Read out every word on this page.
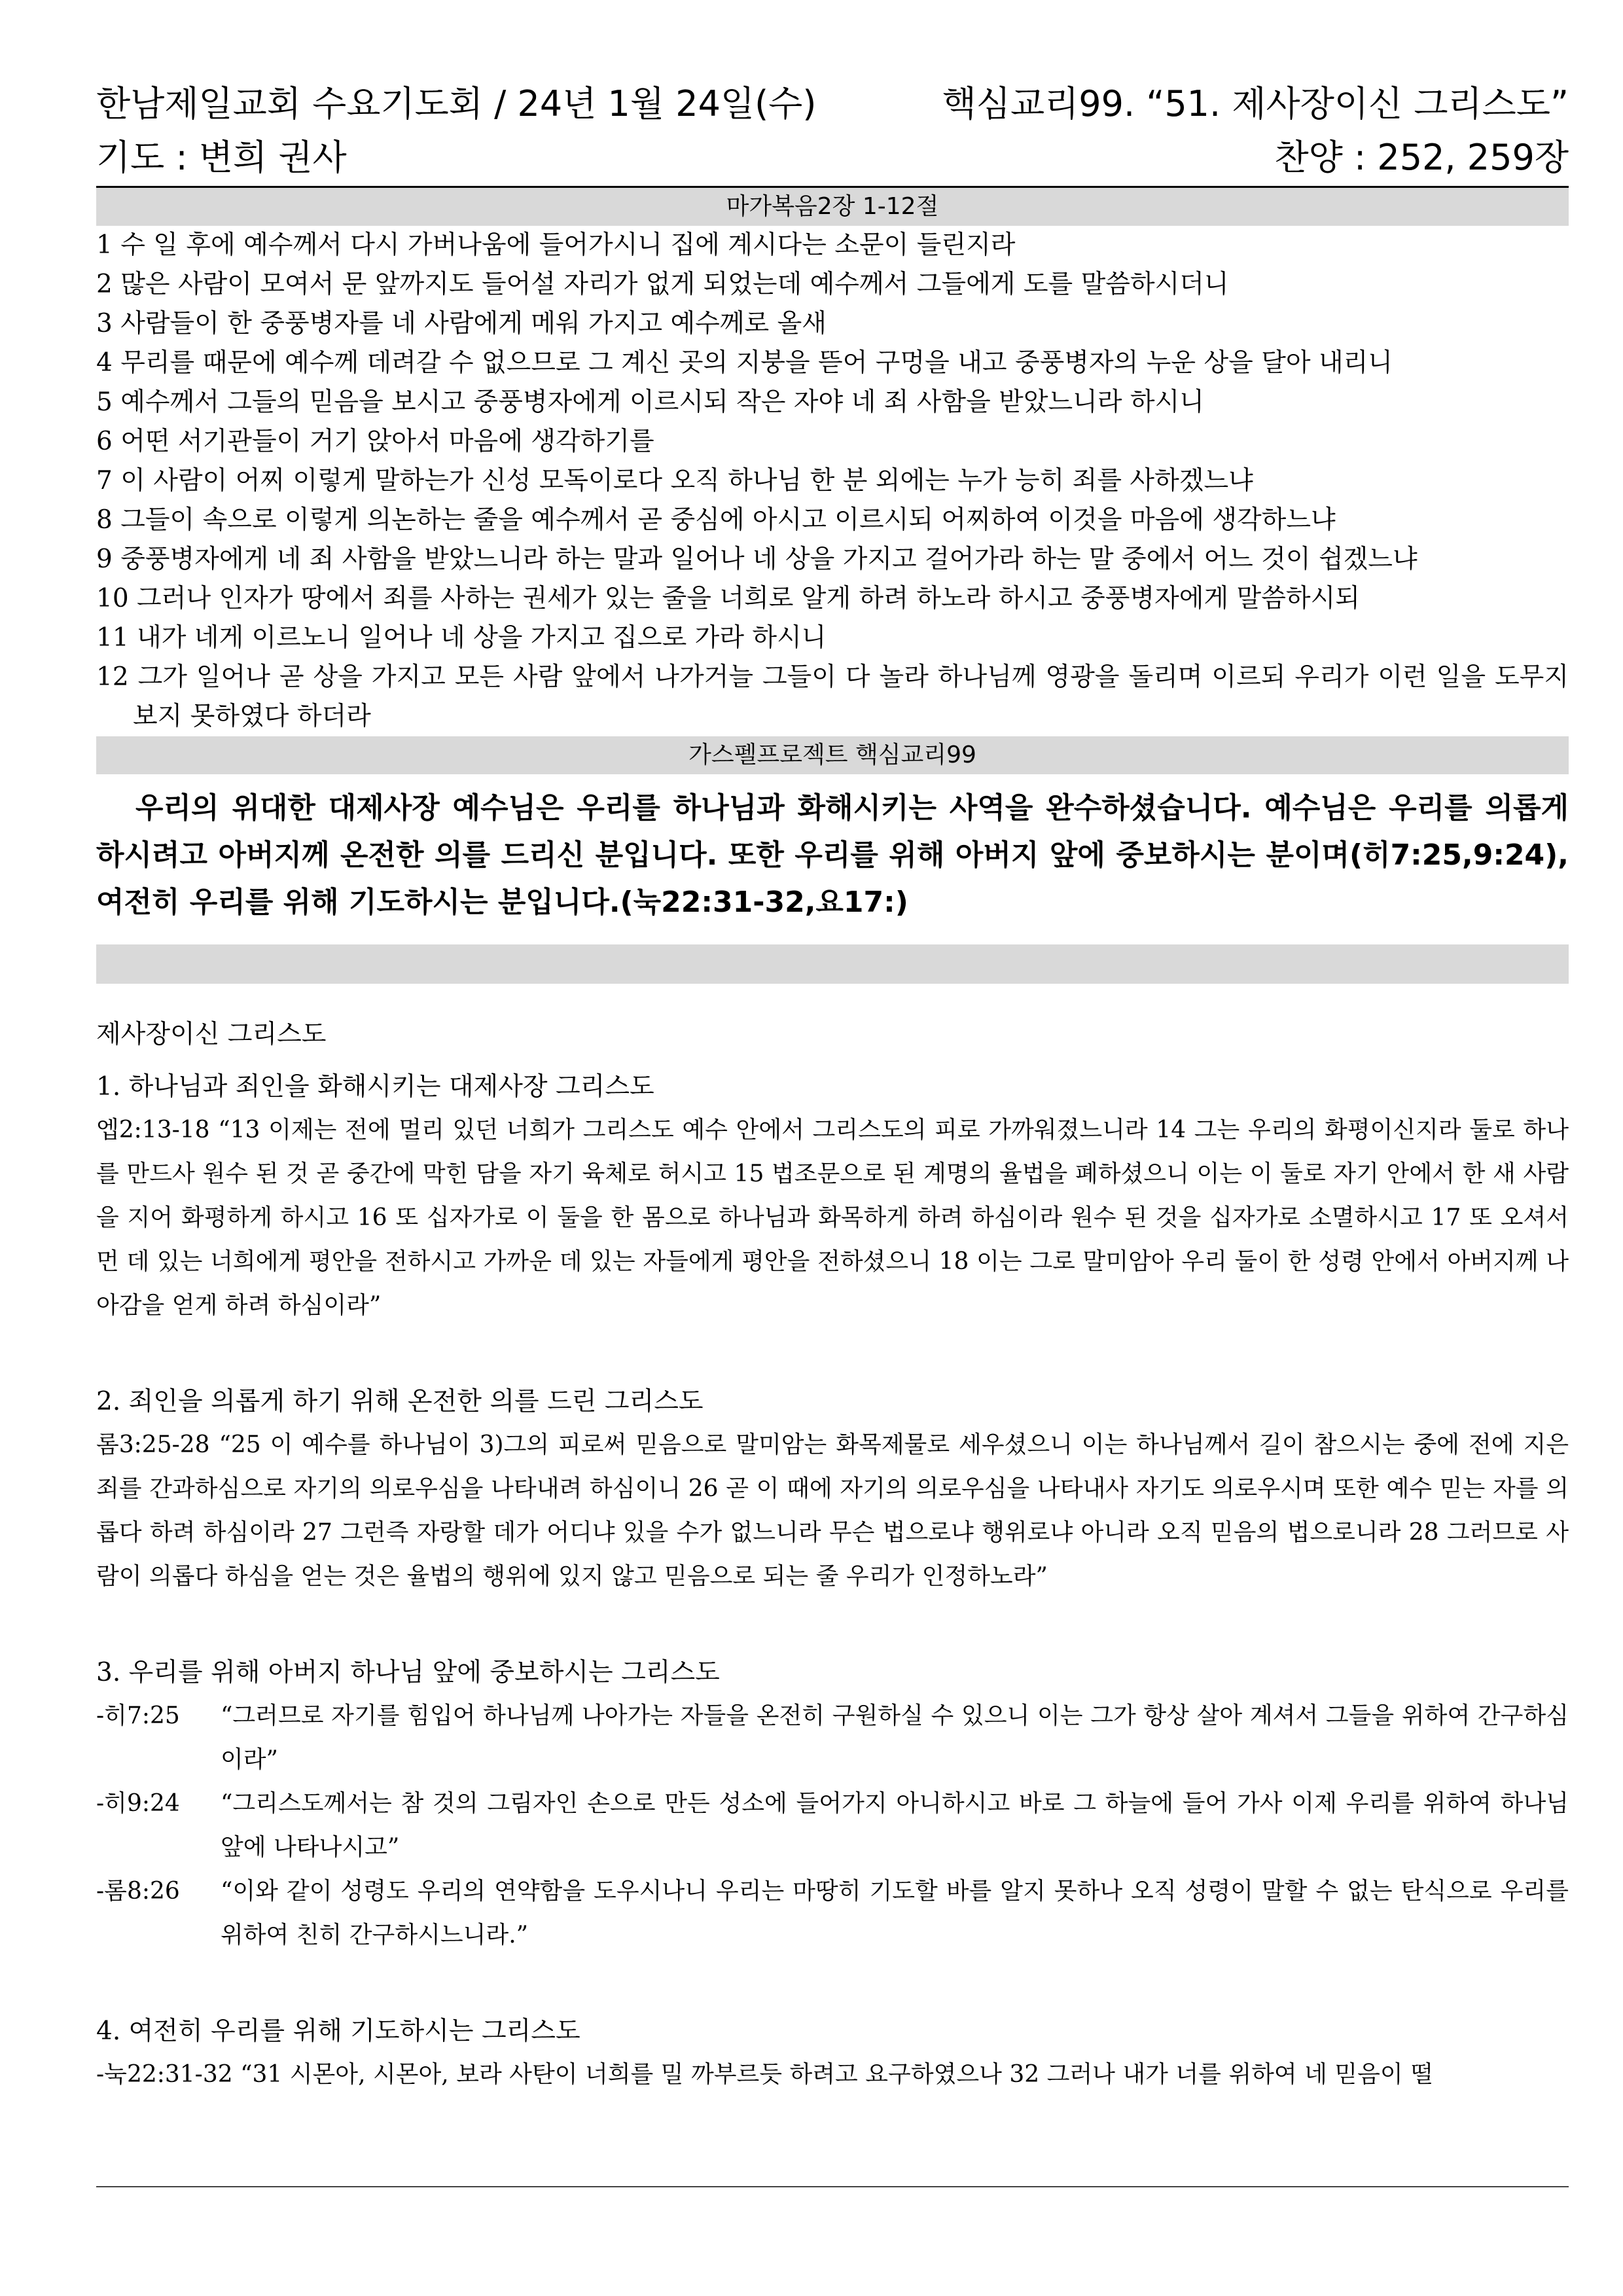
한남제일교회 수요기도회 / 24년 1월 24일(수)	핵심교리99. “51. 제사장이신 그리스도”
기도 : 변희 권사	찬양 : 252, 259장
마가복음2장 1-12절
1 수 일 후에 예수께서 다시 가버나움에 들어가시니 집에 계시다는 소문이 들린지라
2 많은 사람이 모여서 문 앞까지도 들어설 자리가 없게 되었는데 예수께서 그들에게 도를 말씀하시더니
3 사람들이 한 중풍병자를 네 사람에게 메워 가지고 예수께로 올새
4 무리를 때문에 예수께 데려갈 수 없으므로 그 계신 곳의 지붕을 뜯어 구멍을 내고 중풍병자의 누운 상을 달아 내리니
5 예수께서 그들의 믿음을 보시고 중풍병자에게 이르시되 작은 자야 네 죄 사함을 받았느니라 하시니
6 어떤 서기관들이 거기 앉아서 마음에 생각하기를
7 이 사람이 어찌 이렇게 말하는가 신성 모독이로다 오직 하나님 한 분 외에는 누가 능히 죄를 사하겠느냐
8 그들이 속으로 이렇게 의논하는 줄을 예수께서 곧 중심에 아시고 이르시되 어찌하여 이것을 마음에 생각하느냐
9 중풍병자에게 네 죄 사함을 받았느니라 하는 말과 일어나 네 상을 가지고 걸어가라 하는 말 중에서 어느 것이 쉽겠느냐
10 그러나 인자가 땅에서 죄를 사하는 권세가 있는 줄을 너희로 알게 하려 하노라 하시고 중풍병자에게 말씀하시되
11 내가 네게 이르노니 일어나 네 상을 가지고 집으로 가라 하시니
12 그가 일어나 곧 상을 가지고 모든 사람 앞에서 나가거늘 그들이 다 놀라 하나님께 영광을 돌리며 이르되 우리가 이런 일을 도무지 보지 못하였다 하더라
가스펠프로젝트 핵심교리99
우리의 위대한 대제사장 예수님은 우리를 하나님과 화해시키는 사역을 완수하셨습니다. 예수님은 우리를 의롭게 하시려고 아버지께 온전한 의를 드리신 분입니다. 또한 우리를 위해 아버지 앞에 중보하시는 분이며(히7:25,9:24), 여전히 우리를 위해 기도하시는 분입니다.(눅22:31-32,요17:)
제사장이신 그리스도
1. 하나님과 죄인을 화해시키는 대제사장 그리스도
엡2:13-18 “13 이제는 전에 멀리 있던 너희가 그리스도 예수 안에서 그리스도의 피로 가까워졌느니라 14 그는 우리의 화평이신지라 둘로 하나를 만드사 원수 된 것 곧 중간에 막힌 담을 자기 육체로 허시고 15 법조문으로 된 계명의 율법을 폐하셨으니 이는 이 둘로 자기 안에서 한 새 사람을 지어 화평하게 하시고 16 또 십자가로 이 둘을 한 몸으로 하나님과 화목하게 하려 하심이라 원수 된 것을 십자가로 소멸하시고 17 또 오셔서 먼 데 있는 너희에게 평안을 전하시고 가까운 데 있는 자들에게 평안을 전하셨으니 18 이는 그로 말미암아 우리 둘이 한 성령 안에서 아버지께 나아감을 얻게 하려 하심이라”
2. 죄인을 의롭게 하기 위해 온전한 의를 드린 그리스도
롬3:25-28 “25 이 예수를 하나님이 3)그의 피로써 믿음으로 말미암는 화목제물로 세우셨으니 이는 하나님께서 길이 참으시는 중에 전에 지은 죄를 간과하심으로 자기의 의로우심을 나타내려 하심이니 26 곧 이 때에 자기의 의로우심을 나타내사 자기도 의로우시며 또한 예수 믿는 자를 의롭다 하려 하심이라 27 그런즉 자랑할 데가 어디냐 있을 수가 없느니라 무슨 법으로냐 행위로냐 아니라 오직 믿음의 법으로니라 28 그러므로 사람이 의롭다 하심을 얻는 것은 율법의 행위에 있지 않고 믿음으로 되는 줄 우리가 인정하노라”
3. 우리를 위해 아버지 하나님 앞에 중보하시는 그리스도
-히7:25	“그러므로 자기를 힘입어 하나님께 나아가는 자들을 온전히 구원하실 수 있으니 이는 그가 항상 살아 계셔서 그들을 위하여 간구하심이라”
-히9:24	“그리스도께서는 참 것의 그림자인 손으로 만든 성소에 들어가지 아니하시고 바로 그 하늘에 들어 가사 이제 우리를 위하여 하나님 앞에 나타나시고”
-롬8:26	“이와 같이 성령도 우리의 연약함을 도우시나니 우리는 마땅히 기도할 바를 알지 못하나 오직 성령이 말할 수 없는 탄식으로 우리를 위하여 친히 간구하시느니라.”
4. 여전히 우리를 위해 기도하시는 그리스도
-눅22:31-32 “31 시몬아, 시몬아, 보라 사탄이 너희를 밀 까부르듯 하려고 요구하였으나 32 그러나 내가 너를 위하여 네 믿음이 떨
